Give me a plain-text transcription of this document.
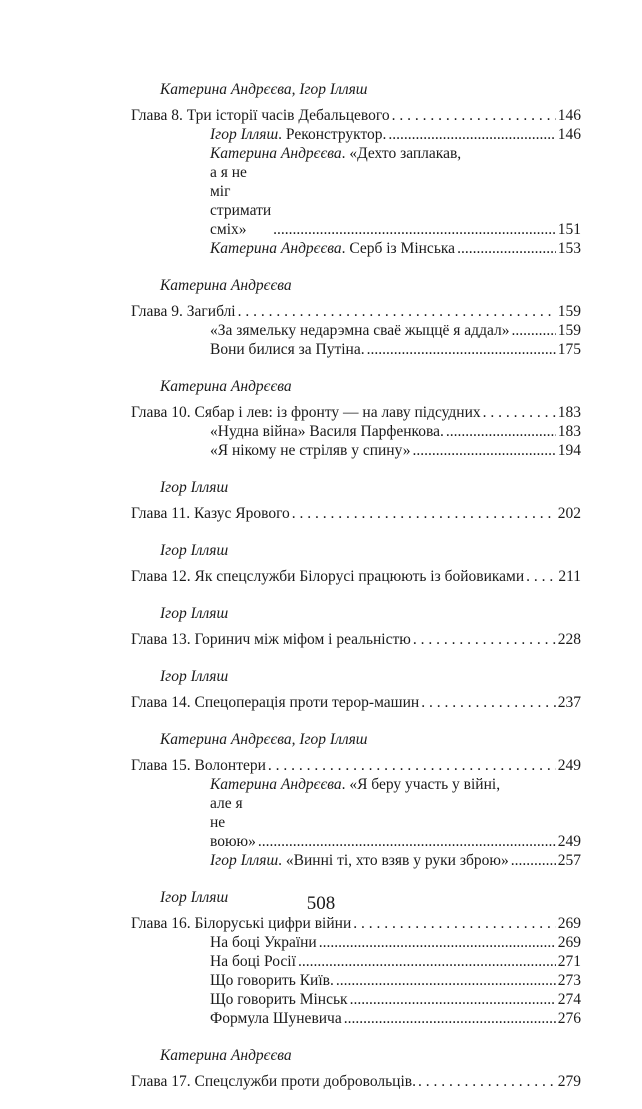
Катерина Андрєєва, Ігор Ілляш
Глава 8. Три історії часів Дебальцевого . . .	146
Ігор Ілляш. Реконструктор. .....	146
Катерина Андрєєва. «Дехто заплакав,
а я не міг стримати сміх» .....	151
Катерина Андрєєва. Серб із Мінська .....	153
Катерина Андрєєва
Глава 9. Загиблі . . .	159
«За зямельку недарэмна сваё жыццё я аддал» .....	159
Вони билися за Путіна. .....	175
Катерина Андрєєва
Глава 10. Сябар і лев: із фронту — на лаву підсудних . . .	183
«Нудна війна» Василя Парфенкова. .....	183
«Я нікому не стріляв у спину» .....	194
Ігор Ілляш
Глава 11. Казус Ярового . . .	202
Ігор Ілляш
Глава 12. Як спецслужби Білорусі працюють із бойовиками . . . 211
Ігор Ілляш
Глава 13. Горинич між міфом і реальністю . . .	228
Ігор Ілляш
Глава 14. Спецоперація проти терор-машин . . .	237
Катерина Андрєєва, Ігор Ілляш
Глава 15. Волонтери . . .	249
Катерина Андрєєва. «Я беру участь у війні,
але я не воюю» .....	249
Ігор Ілляш. «Винні ті, хто взяв у руки зброю» .....	257
Ігор Ілляш
Глава 16. Білоруські цифри війни . . .	269
На боці України .....	269
На боці Росії .....	271
Що говорить Київ. .....	273
Що говорить Мінськ .....	274
Формула Шуневича .....	276
Катерина Андрєєва
Глава 17. Спецслужби проти добровольців. . . .	279
508
